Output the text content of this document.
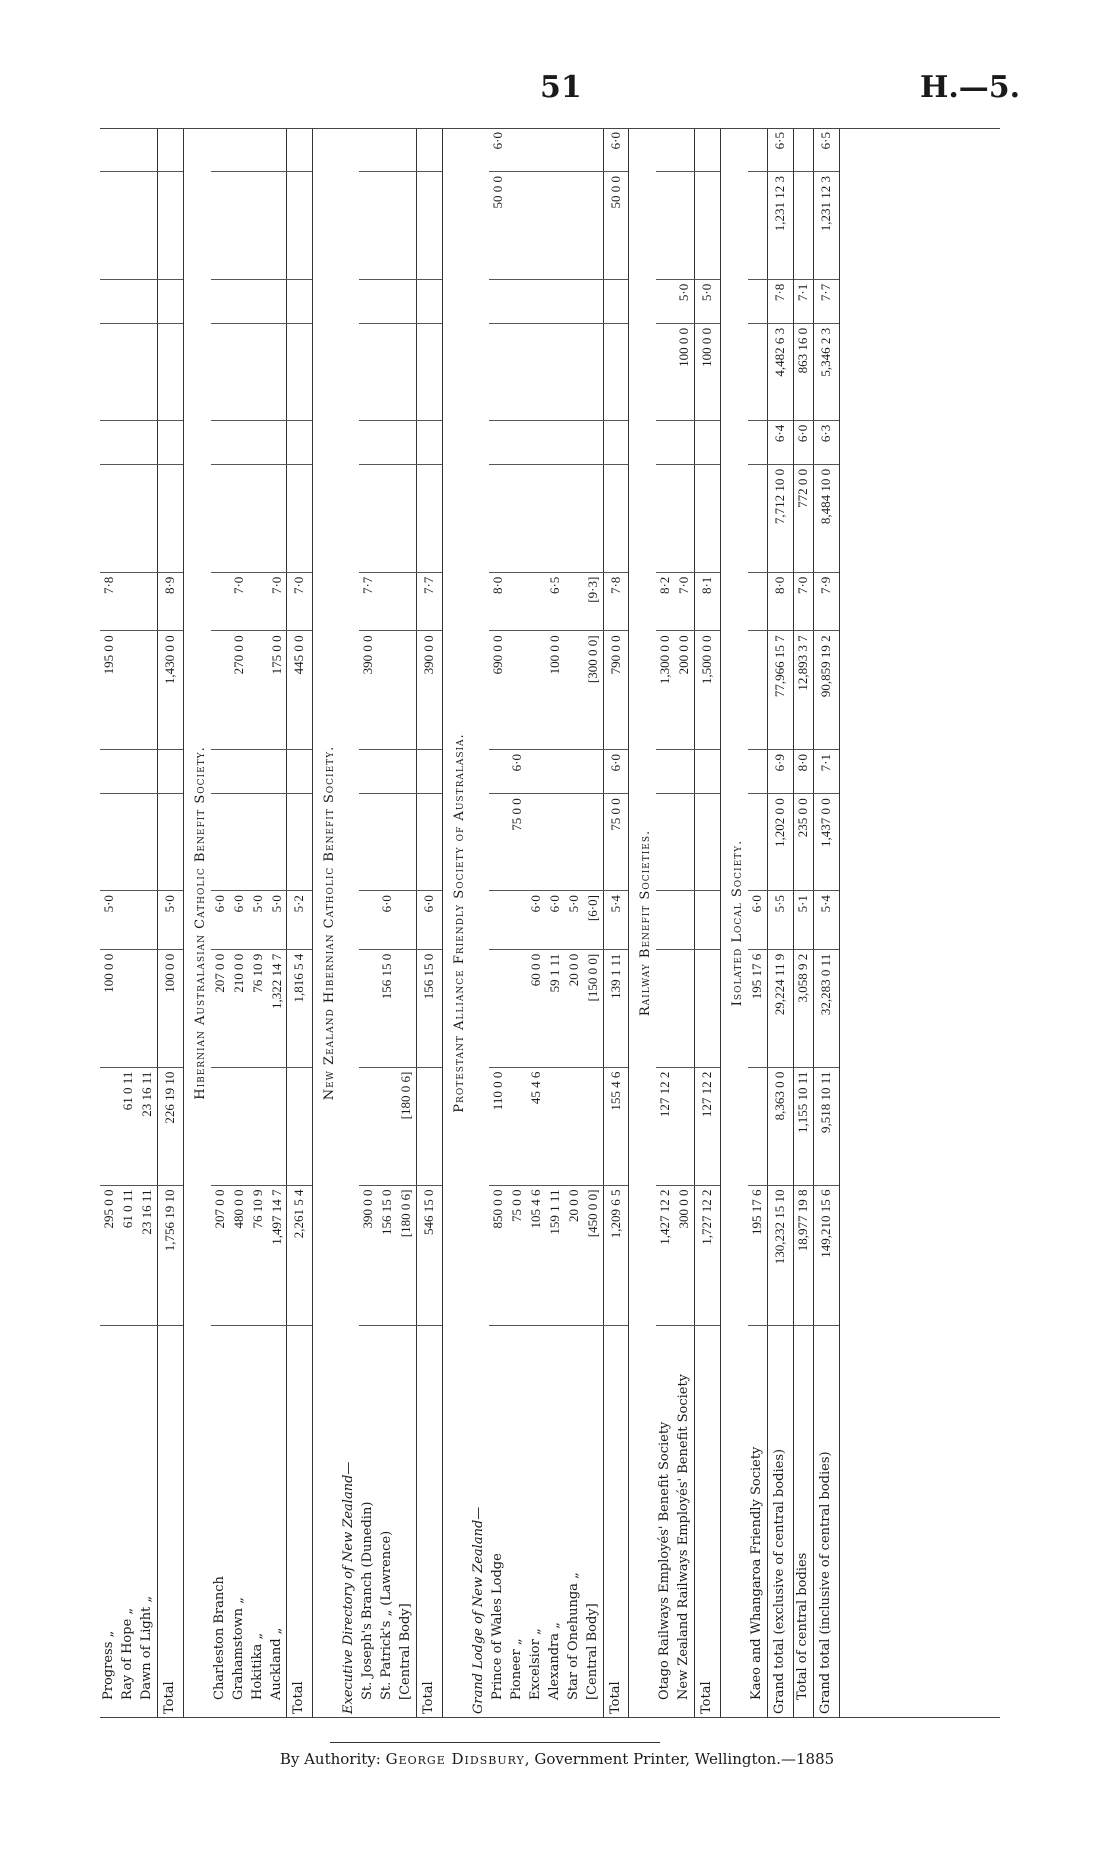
51	H.—5.
Progress „	295 0 0		100 0 0	5·0			195 0 0	7·8						
Ray of Hope „	61 0 11	61 0 11												
Dawn of Light „	23 16 11	23 16 11												
Total	1,756 19 10	226 19 10	100 0 0	5·0			1,430 0 0	8·9						
Hibernian Australasian Catholic Benefit Society.														
Charleston Branch	207 0 0		207 0 0	6·0										
Grahamstown „	480 0 0		210 0 0	6·0			270 0 0	7·0						
Hokitika „	76 10 9		76 10 9	5·0										
Auckland „	1,497 14 7		1,322 14 7	5·0			175 0 0	7·0						
Total	2,261 5 4		1,816 5 4	5·2			445 0 0	7·0						
New Zealand Hibernian Catholic Benefit Society.														
Executive Directory of New Zealand—														
St. Joseph's Branch (Dunedin)	390 0 0						390 0 0	7·7						
St. Patrick's „ (Lawrence)	156 15 0		156 15 0	6·0										
[Central Body]	[180 0 6]	[180 0 6]												
Total	546 15 0		156 15 0	6·0			390 0 0	7·7						
Protestant Alliance Friendly Society of Australasia.														
Grand Lodge of New Zealand—														
Prince of Wales Lodge	850 0 0	110 0 0					690 0 0	8·0					50 0 0	6·0
Pioneer „	75 0 0				75 0 0	6·0								
Excelsior „	105 4 6	45 4 6	60 0 0	6·0										
Alexandra „	159 1 11		59 1 11	6·0			100 0 0	6·5						
Star of Onehunga „	20 0 0		20 0 0	5·0										
[Central Body]	[450 0 0]		[150 0 0]	[6·0]			[300 0 0]	[9·3]						
Total	1,209 6 5	155 4 6	139 1 11	5·4	75 0 0	6·0	790 0 0	7·8					50 0 0	6·0
Railway Benefit Societies.														
Otago Railways Employés' Benefit Society	1,427 12 2	127 12 2					1,300 0 0	8·2						
New Zealand Railways Employés' Benefit Society	300 0 0						200 0 0	7·0			100 0 0	5·0		
Total	1,727 12 2	127 12 2					1,500 0 0	8·1			100 0 0	5·0		
Isolated Local Society.														
Kaeo and Whangaroa Friendly Society	195 17 6		195 17 6	6·0										
Grand total (exclusive of central bodies)	130,232 15 10	8,363 0 0	29,224 11 9	5·5	1,202 0 0	6·9	77,966 15 7	8·0	7,712 10 0	6·4	4,482 6 3	7·8	1,231 12 3	6·5
Total of central bodies	18,977 19 8	1,155 10 11	3,058 9 2	5·1	235 0 0	8·0	12,893 3 7	7·0	772 0 0	6·0	863 16 0	7·1		
Grand total (inclusive of central bodies)	149,210 15 6	9,518 10 11	32,283 0 11	5·4	1,437 0 0	7·1	90,859 19 2	7·9	8,484 10 0	6·3	5,346 2 3	7·7	1,231 12 3	6·5
By Authority: George Didsbury, Government Printer, Wellington.—1885
